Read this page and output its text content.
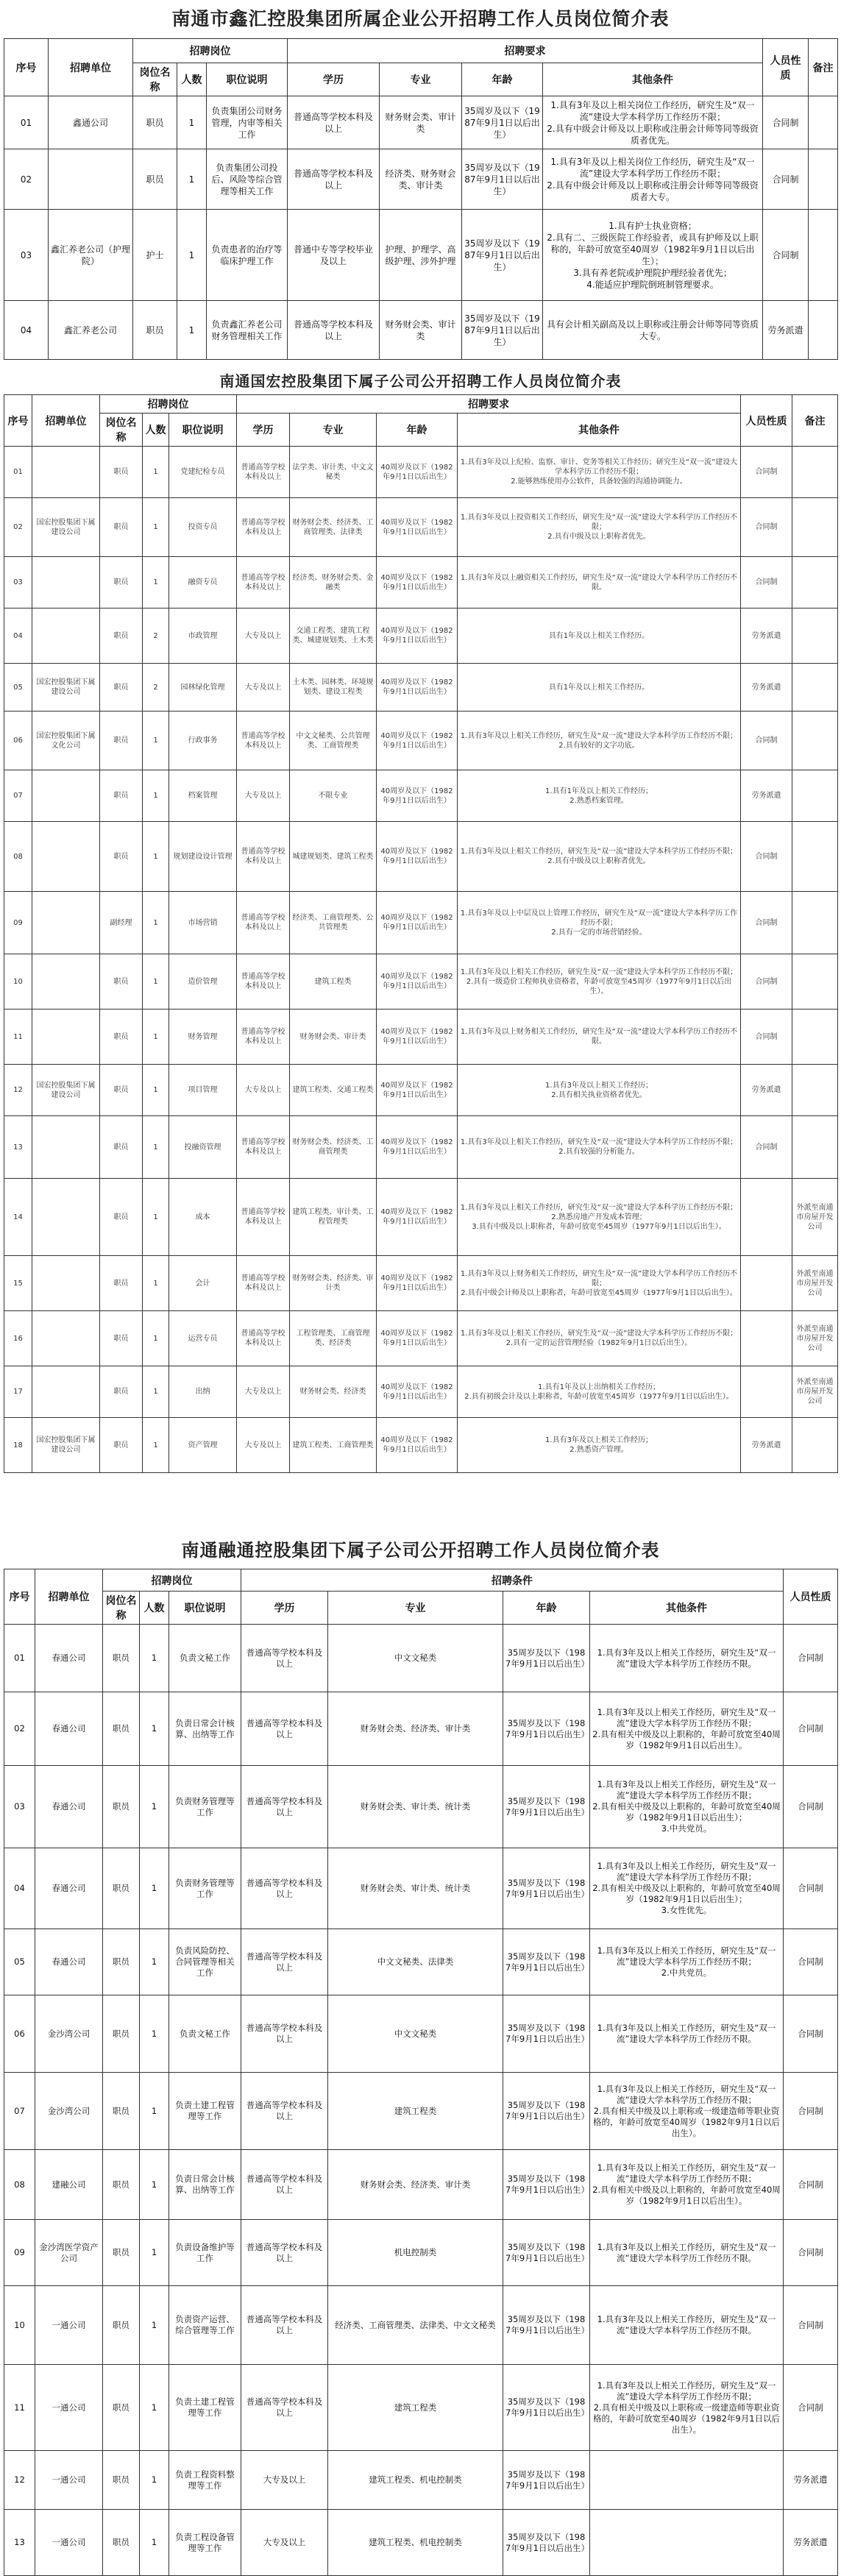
南通市鑫汇控股集团所属企业公开招聘工作人员岗位简介表
序号	招聘单位	招聘岗位			招聘要求				人员性质	备注
		岗位名称	人数	职位说明	学历	专业	年龄	其他条件		
01	鑫通公司	职员	1	负责集团公司财务管理，内审等相关工作	普通高等学校本科及以上	财务财会类、审计类	35周岁及以下（1987年9月1日以后出生）	1.具有3年及以上相关岗位工作经历，研究生及“双一流”建设大学本科学历工作经历不限；
2.具有中级会计师及以上职称或注册会计师等同等级资质者优先。	合同制	
02		职员	1	负责集团公司投后、风险等综合管理等相关工作	普通高等学校本科及以上	经济类、财务财会类、审计类	35周岁及以下（1987年9月1日以后出生）	1.具有3年及以上相关岗位工作经历，研究生及“双一流”建设大学本科学历工作经历不限；
2.具有中级会计师及以上职称或注册会计师等同等级资质者大专。	合同制	
03	鑫汇养老公司（护理院）	护士	1	负责患者的治疗等临床护理工作	普通中专等学校毕业及以上	护理、护理学、高级护理、涉外护理	35周岁及以下（1987年9月1日以后出生）	1.具有护士执业资格；
2.具有二、三级医院工作经验者，或具有护师及以上职称的，年龄可放宽至40周岁（1982年9月1日以后出生）；
3.具有养老院或护理院护理经验者优先；
4.能适应护理院倒班制管理要求。	合同制	
04	鑫汇养老公司	职员	1	负责鑫汇养老公司财务管理相关工作	普通高等学校本科及以上	财务财会类、审计类	35周岁及以下（1987年9月1日以后出生）	具有会计相关副高及以上职称或注册会计师等同等资质大专。	劳务派遣	
南通国宏控股集团下属子公司公开招聘工作人员岗位简介表
序号	招聘单位	招聘岗位			招聘要求				人员性质	备注
		岗位名称	人数	职位说明	学历	专业	年龄	其他条件		
01		职员	1	党建纪检专员	普通高等学校本科及以上	法学类、审计类、中文文秘类	40周岁及以下（1982年9月1日以后出生）	1.具有3年及以上纪检、监察、审计、党务等相关工作经历；研究生及“双一流”建设大学本科学历工作经历不限；
2.能够熟练使用办公软件，具备较强的沟通协调能力。	合同制	
02	国宏控股集团下属建设公司	职员	1	投资专员	普通高等学校本科及以上	财务财会类、经济类、工商管理类、法律类	40周岁及以下（1982年9月1日以后出生）	1.具有3年及以上投资相关工作经历，研究生及“双一流”建设大学本科学历工作经历不限；
2.具有中级及以上职称者优先。	合同制	
03		职员	1	融资专员	普通高等学校本科及以上	经济类、财务财会类、金融类	40周岁及以下（1982年9月1日以后出生）	1.具有3年及以上融资相关工作经历，研究生及“双一流”建设大学本科学历工作经历不限。	合同制	
04		职员	2	市政管理	大专及以上	交通工程类、建筑工程类、城建规划类、土木类	40周岁及以下（1982年9月1日以后出生）	具有1年及以上相关工作经历。	劳务派遣	
05	国宏控股集团下属建设公司	职员	2	园林绿化管理	大专及以上	土木类、园林类、环境规划类、建设工程类	40周岁及以下（1982年9月1日以后出生）	具有1年及以上相关工作经历。	劳务派遣	
06	国宏控股集团下属文化公司	职员	1	行政事务	普通高等学校本科及以上	中文文秘类、公共管理类、工商管理类	40周岁及以下（1982年9月1日以后出生）	1.具有3年及以上相关工作经历，研究生及“双一流”建设大学本科学历工作经历不限；
2.具有较好的文字功底。	合同制	
07		职员	1	档案管理	大专及以上	不限专业	40周岁及以下（1982年9月1日以后出生）	1.具有1年及以上相关工作经历；
2.熟悉档案管理。	劳务派遣	
08		职员	1	规划建设设计管理	普通高等学校本科及以上	城建规划类、建筑工程类	40周岁及以下（1982年9月1日以后出生）	1.具有3年及以上相关工作经历，研究生及“双一流”建设大学本科学历工作经历不限；
2.具有中级及以上职称者优先。	合同制	
09		副经理	1	市场营销	普通高等学校本科及以上	经济类、工商管理类、公共管理类	40周岁及以下（1982年9月1日以后出生）	1.具有3年及以上中层及以上管理工作经历，研究生及“双一流”建设大学本科学历工作经历不限；
2.具有一定的市场营销经验。	合同制	
10		职员	1	造价管理	普通高等学校本科及以上	建筑工程类	40周岁及以下（1982年9月1日以后出生）	1.具有3年及以上相关工作经历，研究生及“双一流”建设大学本科学历工作经历不限；
2.具有一级造价工程师执业资格者，年龄可放宽至45周岁（1977年9月1日以后出生）。	合同制	
11		职员	1	财务管理	普通高等学校本科及以上	财务财会类、审计类	40周岁及以下（1982年9月1日以后出生）	1.具有3年及以上财务相关工作经历，研究生及“双一流”建设大学本科学历工作经历不限。	合同制	
12	国宏控股集团下属建设公司	职员	1	项目管理	大专及以上	建筑工程类、交通工程类	40周岁及以下（1982年9月1日以后出生）	1.具有3年及以上相关工作经历；
2.具有相关执业资格者优先。	劳务派遣	
13		职员	1	投融资管理	普通高等学校本科及以上	财务财会类、经济类、工商管理类	40周岁及以下（1982年9月1日以后出生）	1.具有3年及以上相关工作经历，研究生及“双一流”建设大学本科学历工作经历不限；
2.具有较强的分析能力。	合同制	
14		职员	1	成本	普通高等学校本科及以上	建筑工程类、审计类、工程管理类	40周岁及以下（1982年9月1日以后出生）	1.具有3年及以上相关工作经历，研究生及“双一流”建设大学本科学历工作经历不限；
2.熟悉房地产开发成本管理；
3.具有中级及以上职称者，年龄可放宽至45周岁（1977年9月1日以后出生）。		外派至南通市房屋开发公司
15		职员	1	会计	普通高等学校本科及以上	财务财会类、经济类、审计类	40周岁及以下（1982年9月1日以后出生）	1.具有3年及以上财务相关工作经历，研究生及“双一流”建设大学本科学历工作经历不限；
2.具有中级会计师及以上职称者，年龄可放宽至45周岁（1977年9月1日以后出生）。		外派至南通市房屋开发公司
16		职员	1	运营专员	普通高等学校本科及以上	工程管理类、工商管理类、经济类	40周岁及以下（1982年9月1日以后出生）	1.具有3年及以上相关工作经历，研究生及“双一流”建设大学本科学历工作经历不限；
2.具有一定的运营管理经验（1982年9月1日以后出生）。		外派至南通市房屋开发公司
17		职员	1	出纳	大专及以上	财务财会类、经济类	40周岁及以下（1982年9月1日以后出生）	1.具有1年及以上出纳相关工作经历；
2.具有初级会计及以上职称者，年龄可放宽至45周岁（1977年9月1日以后出生）。		外派至南通市房屋开发公司
18	国宏控股集团下属建设公司	职员	1	资产管理	大专及以上	建筑工程类、工商管理类	40周岁及以下（1982年9月1日以后出生）	1.具有3年及以上相关工作经历；
2.熟悉资产管理。	劳务派遣	
南通融通控股集团下属子公司公开招聘工作人员岗位简介表
序号	招聘单位	招聘岗位			招聘条件				人员性质
		岗位名称	人数	职位说明	学历	专业	年龄	其他条件	
01	春通公司	职员	1	负责文秘工作	普通高等学校本科及以上	中文文秘类	35周岁及以下（1987年9月1日以后出生）	1.具有3年及以上相关工作经历，研究生及“双一流”建设大学本科学历工作经历不限。	合同制
02	春通公司	职员	1	负责日常会计核算、出纳等工作	普通高等学校本科及以上	财务财会类、经济类、审计类	35周岁及以下（1987年9月1日以后出生）	1.具有3年及以上相关工作经历，研究生及“双一流”建设大学本科学历工作经历不限；
2.具有相关中级及以上职称的，年龄可放宽至40周岁（1982年9月1日以后出生）。	合同制
03	春通公司	职员	1	负责财务管理等工作	普通高等学校本科及以上	财务财会类、审计类、统计类	35周岁及以下（1987年9月1日以后出生）	1.具有3年及以上相关工作经历，研究生及“双一流”建设大学本科学历工作经历不限；
2.具有相关中级及以上职称的，年龄可放宽至40周岁（1982年9月1日以后出生）；
3.中共党员。	合同制
04	春通公司	职员	1	负责财务管理等工作	普通高等学校本科及以上	财务财会类、审计类、统计类	35周岁及以下（1987年9月1日以后出生）	1.具有3年及以上相关工作经历，研究生及“双一流”建设大学本科学历工作经历不限；
2.具有相关中级及以上职称的，年龄可放宽至40周岁（1982年9月1日以后出生）；
3.女性优先。	合同制
05	春通公司	职员	1	负责风险防控、合同管理等相关工作	普通高等学校本科及以上	中文文秘类、法律类	35周岁及以下（1987年9月1日以后出生）	1.具有3年及以上相关工作经历，研究生及“双一流”建设大学本科学历工作经历不限；
2.中共党员。	合同制
06	金沙湾公司	职员	1	负责文秘工作	普通高等学校本科及以上	中文文秘类	35周岁及以下（1987年9月1日以后出生）	1.具有3年及以上相关工作经历，研究生及“双一流”建设大学本科学历工作经历不限。	合同制
07	金沙湾公司	职员	1	负责土建工程管理等工作	普通高等学校本科及以上	建筑工程类	35周岁及以下（1987年9月1日以后出生）	1.具有3年及以上相关工作经历，研究生及“双一流”建设大学本科学历工作经历不限；
2.具有相关中级及以上职称或一级建造师等职业资格的，年龄可放宽至40周岁（1982年9月1日以后出生）。	合同制
08	建融公司	职员	1	负责日常会计核算、出纳等工作	普通高等学校本科及以上	财务财会类、经济类、审计类	35周岁及以下（1987年9月1日以后出生）	1.具有3年及以上相关工作经历，研究生及“双一流”建设大学本科学历工作经历不限；
2.具有相关中级及以上职称的，年龄可放宽至40周岁（1982年9月1日以后出生）。	合同制
09	金沙湾医学资产公司	职员	1	负责设备维护等工作	普通高等学校本科及以上	机电控制类	35周岁及以下（1987年9月1日以后出生）	1.具有3年及以上相关工作经历，研究生及“双一流”建设大学本科学历工作经历不限。	合同制
10	一通公司	职员	1	负责资产运营、综合管理等工作	普通高等学校本科及以上	经济类、工商管理类、法律类、中文文秘类	35周岁及以下（1987年9月1日以后出生）	1.具有3年及以上相关工作经历，研究生及“双一流”建设大学本科学历工作经历不限。	合同制
11	一通公司	职员	1	负责土建工程管理等工作	普通高等学校本科及以上	建筑工程类	35周岁及以下（1987年9月1日以后出生）	1.具有3年及以上相关工作经历，研究生及“双一流”建设大学本科学历工作经历不限；
2.具有相关中级及以上职称或一级建造师等职业资格的，年龄可放宽至40周岁（1982年9月1日以后出生）。	合同制
12	一通公司	职员	1	负责工程资料整理等工作	大专及以上	建筑工程类、机电控制类	35周岁及以下（1987年9月1日以后出生）		劳务派遣
13	一通公司	职员	1	负责工程设备管理等工作	大专及以上	建筑工程类、机电控制类	35周岁及以下（1987年9月1日以后出生）		劳务派遣
